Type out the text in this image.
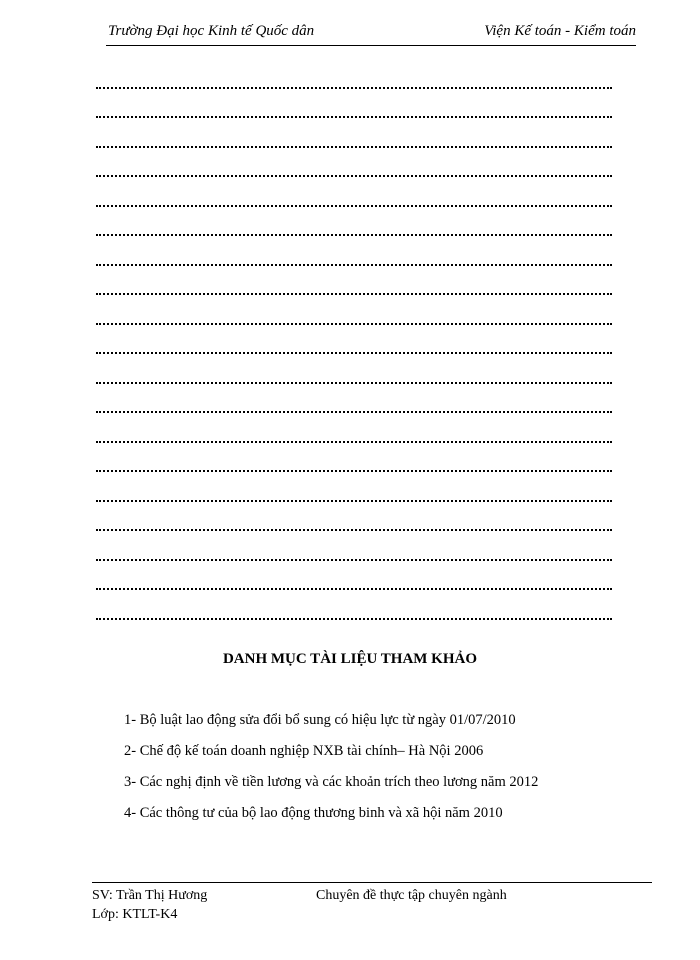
Trường Đại học Kinh tế Quốc dân	Viện Kế toán - Kiểm toán
DANH MỤC TÀI LIỆU THAM KHẢO
1- Bộ luật lao động sửa đổi bổ sung có hiệu lực từ ngày 01/07/2010
2- Chế độ kế toán doanh nghiệp NXB tài chính– Hà Nội 2006
3- Các nghị định về tiền lương và các khoản trích theo lương năm 2012
4- Các thông tư của bộ lao động thương binh và xã hội năm 2010
SV: Trần Thị Hương
Lớp: KTLT-K4
Chuyên đề thực tập chuyên ngành
